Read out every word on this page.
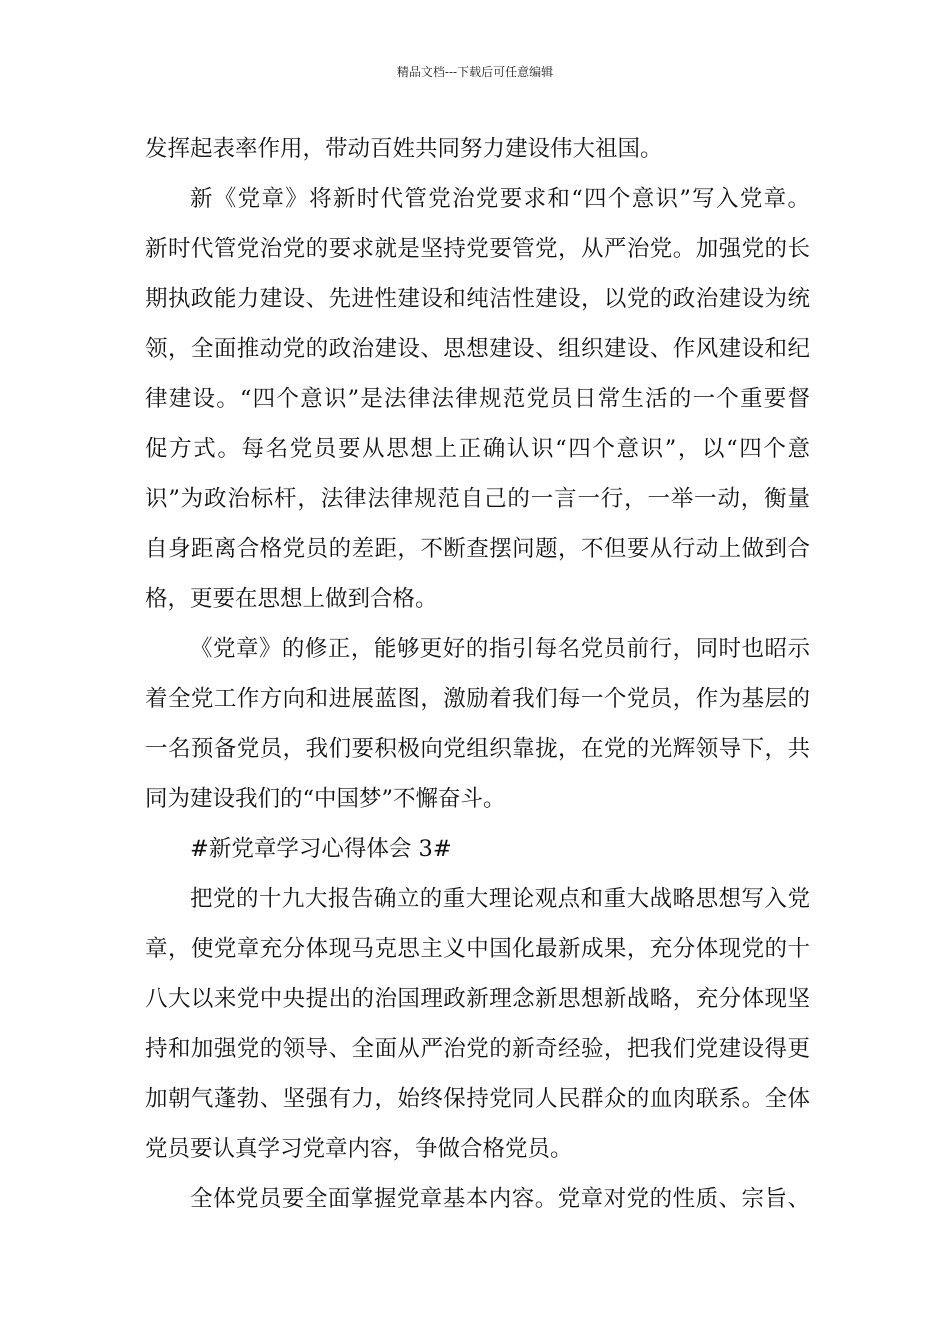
精品文档---下载后可任意编辑
发挥起表率作用，带动百姓共同努力建设伟大祖国。
新《党章》将新时代管党治党要求和“四个意识”写入党章。
新时代管党治党的要求就是坚持党要管党，从严治党。加强党的长
期执政能力建设、先进性建设和纯洁性建设，以党的政治建设为统
领，全面推动党的政治建设、思想建设、组织建设、作风建设和纪
律建设。“四个意识”是法律法律规范党员日常生活的一个重要督
促方式。每名党员要从思想上正确认识“四个意识”，以“四个意
识”为政治标杆，法律法律规范自己的一言一行，一举一动，衡量
自身距离合格党员的差距，不断查摆问题，不但要从行动上做到合
格，更要在思想上做到合格。
《党章》的修正，能够更好的指引每名党员前行，同时也昭示
着全党工作方向和进展蓝图，激励着我们每一个党员，作为基层的
一名预备党员，我们要积极向党组织靠拢，在党的光辉领导下，共
同为建设我们的“中国梦”不懈奋斗。
#新党章学习心得体会 3#
把党的十九大报告确立的重大理论观点和重大战略思想写入党
章，使党章充分体现马克思主义中国化最新成果，充分体现党的十
八大以来党中央提出的治国理政新理念新思想新战略，充分体现坚
持和加强党的领导、全面从严治党的新奇经验，把我们党建设得更
加朝气蓬勃、坚强有力，始终保持党同人民群众的血肉联系。全体
党员要认真学习党章内容，争做合格党员。
全体党员要全面掌握党章基本内容。党章对党的性质、宗旨、
